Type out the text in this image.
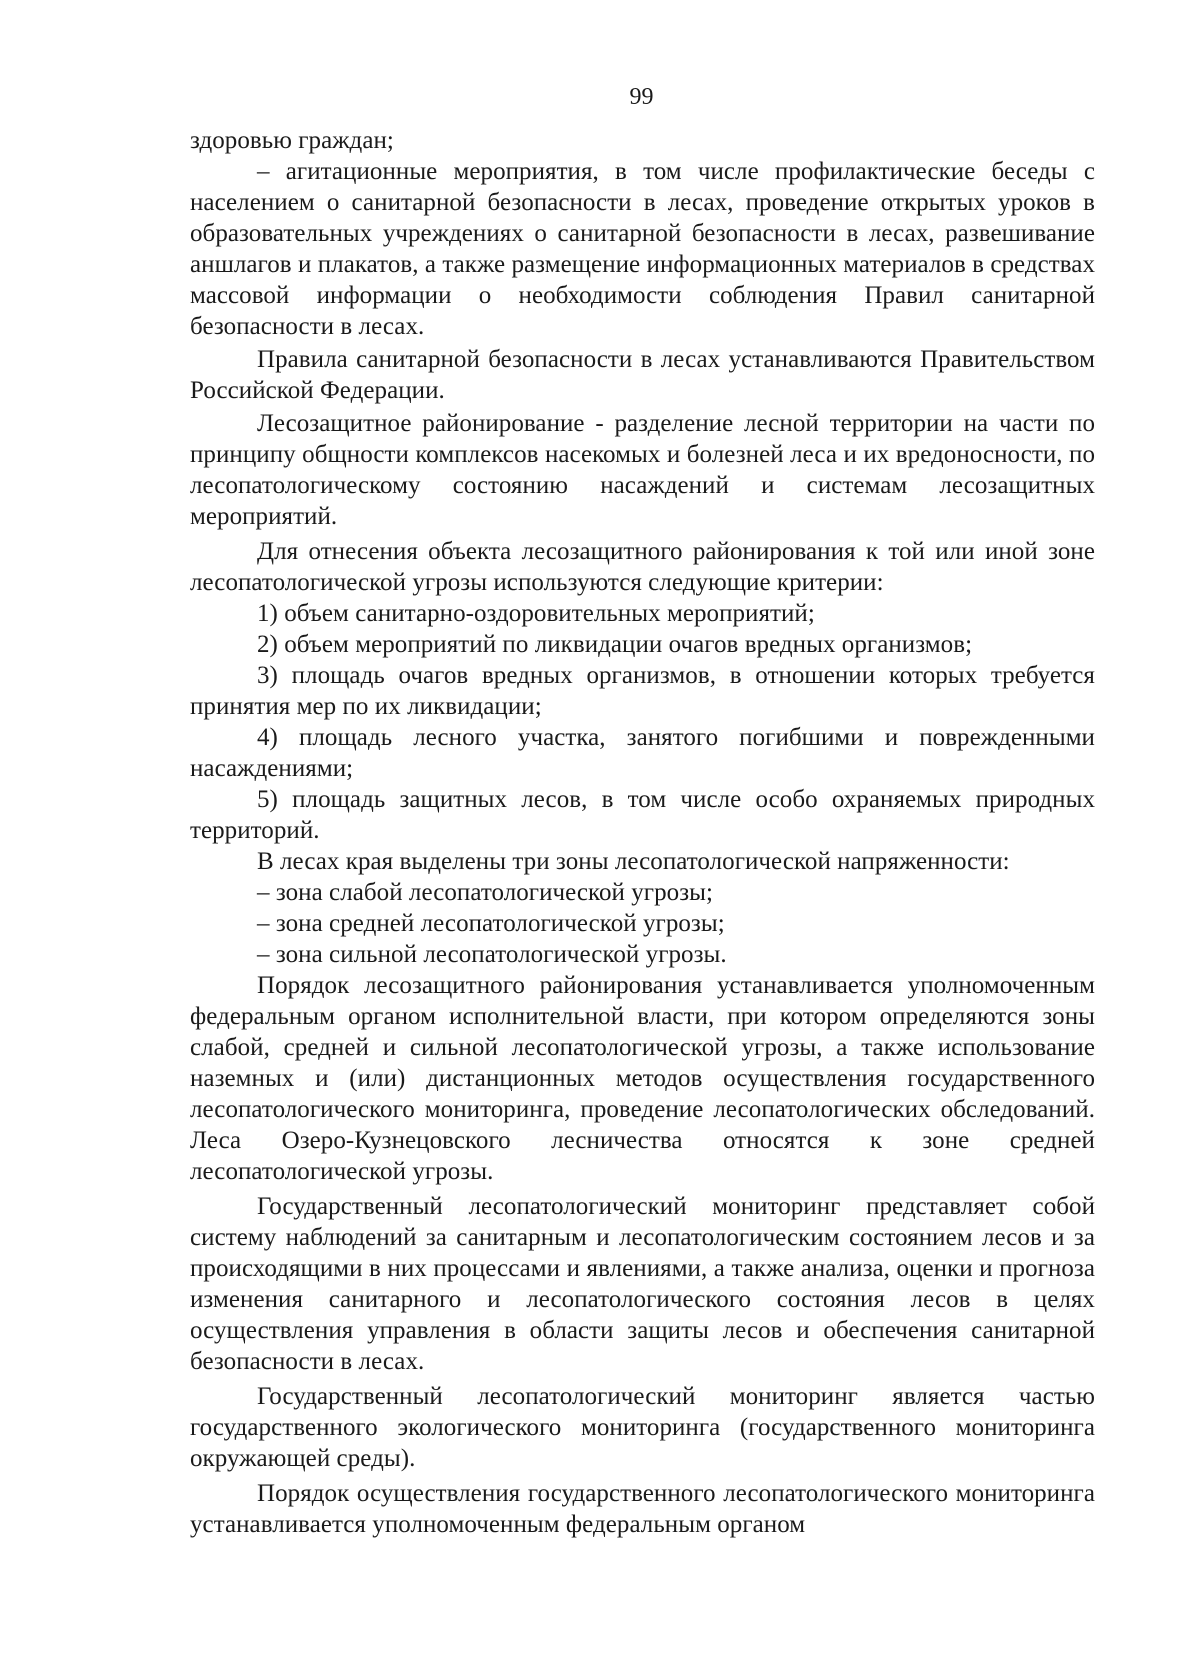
99

здоровью граждан;

– агитационные мероприятия, в том числе профилактические беседы с населением о санитарной безопасности в лесах, проведение открытых уроков в образовательных учреждениях о санитарной безопасности в лесах, развешивание аншлагов и плакатов, а также размещение информационных материалов в средствах массовой информации о необходимости соблюдения Правил санитарной безопасности в лесах.

Правила санитарной безопасности в лесах устанавливаются Правительством Российской Федерации.

Лесозащитное районирование - разделение лесной территории на части по принципу общности комплексов насекомых и болезней леса и их вредоносности, по лесопатологическому состоянию насаждений и системам лесозащитных мероприятий.

Для отнесения объекта лесозащитного районирования к той или иной зоне лесопатологической угрозы используются следующие критерии:

1) объем санитарно-оздоровительных мероприятий;

2) объем мероприятий по ликвидации очагов вредных организмов;

3) площадь очагов вредных организмов, в отношении которых требуется принятия мер по их ликвидации;

4) площадь лесного участка, занятого погибшими и поврежденными насаждениями;

5) площадь защитных лесов, в том числе особо охраняемых природных территорий.

В лесах края выделены три зоны лесопатологической напряженности:

– зона слабой лесопатологической угрозы;

– зона средней лесопатологической угрозы;

– зона сильной лесопатологической угрозы.

Порядок лесозащитного районирования устанавливается уполномоченным федеральным органом исполнительной власти, при котором определяются зоны слабой, средней и сильной лесопатологической угрозы, а также использование наземных и (или) дистанционных методов осуществления государственного лесопатологического мониторинга, проведение лесопатологических обследований. Леса Озеро-Кузнецовского лесничества относятся к зоне средней лесопатологической угрозы.

Государственный лесопатологический мониторинг представляет собой систему наблюдений за санитарным и лесопатологическим состоянием лесов и за происходящими в них процессами и явлениями, а также анализа, оценки и прогноза изменения санитарного и лесопатологического состояния лесов в целях осуществления управления в области защиты лесов и обеспечения санитарной безопасности в лесах.

Государственный лесопатологический мониторинг является частью государственного экологического мониторинга (государственного мониторинга окружающей среды).

Порядок осуществления государственного лесопатологического мониторинга устанавливается уполномоченным федеральным органом
